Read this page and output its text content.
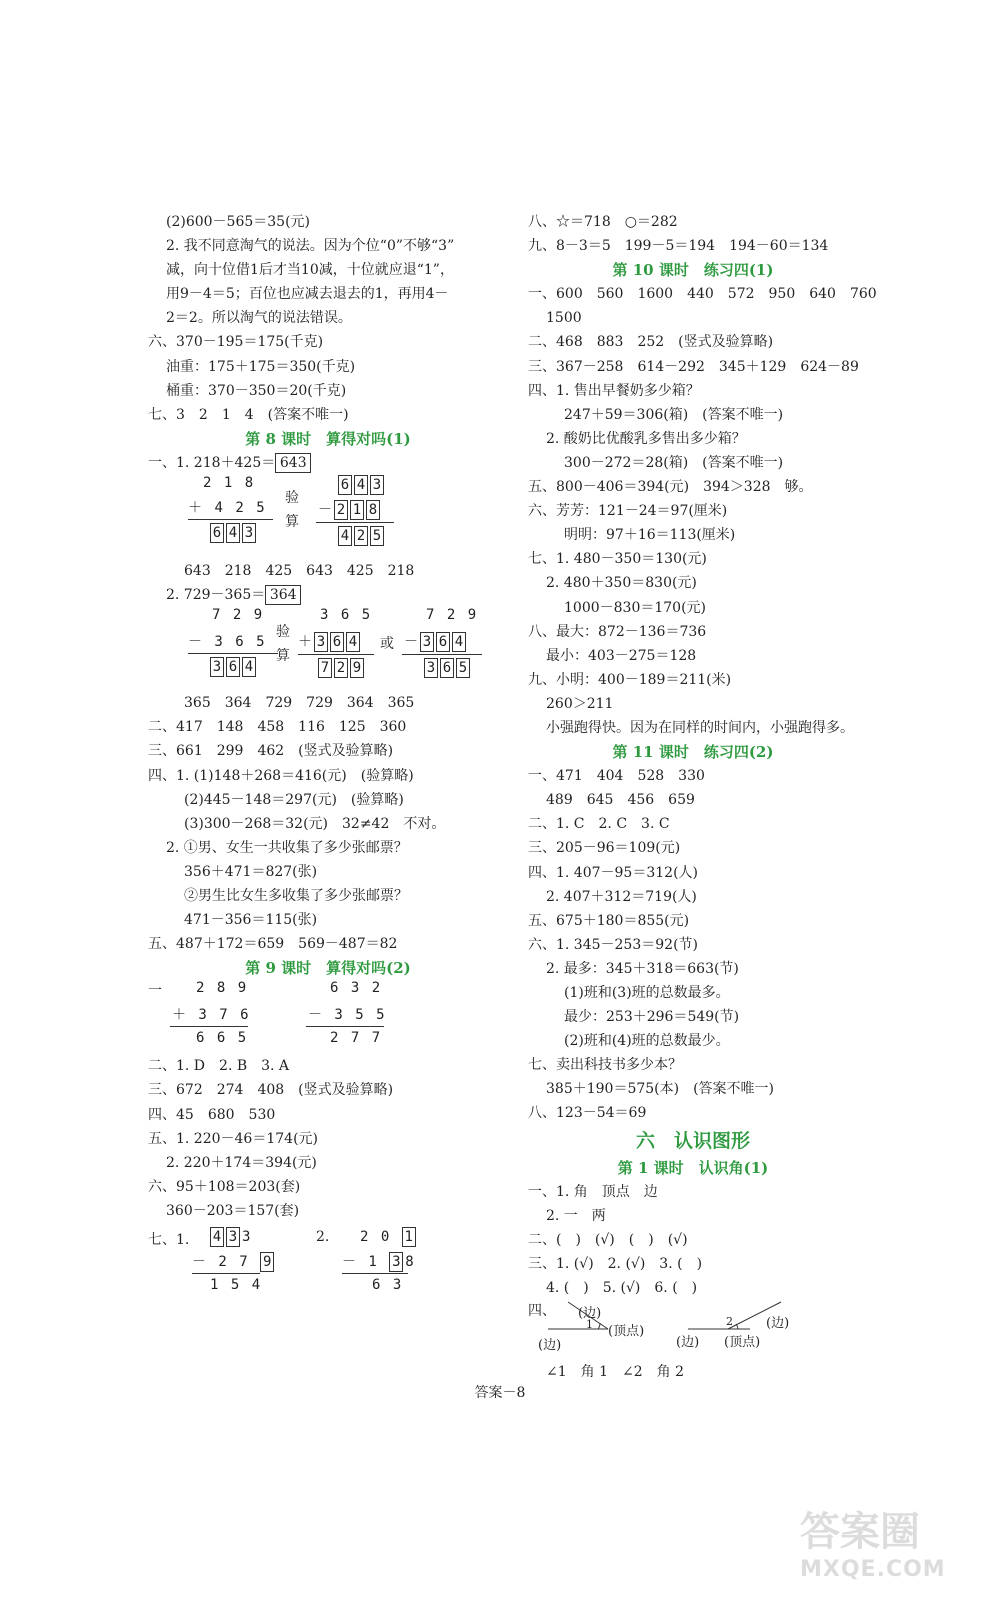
(2)600－565＝35(元)
2. 我不同意淘气的说法。因为个位“0”不够“3”
减，向十位借1后才当10减，十位就应退“1”，
用9－4＝5；百位也应减去退去的1，再用4－
2＝2。所以淘气的说法错误。
六、370－195＝175(千克)
油重：175＋175＝350(千克)
桶重：370－350＝20(千克)
七、3　2　1　4　(答案不唯一)
第 8 课时　算得对吗(1)
一、1. 218＋425＝ 643
2 1 8
＋ 4 2 5
6 4 3
验
算
6 4 3
－ 2 1 8
4 2 5
643　218　425　643　425　218
2. 729－365＝ 364
7 2 9
－ 3 6 5
3 6 4
验
算
3 6 5
＋ 3 6 4
7 2 9
或
7 2 9
－ 3 6 4
3 6 5
365　364　729　729　364　365
二、417　148　458　116　125　360
三、661　299　462　(竖式及验算略)
四、1. (1)148＋268＝416(元)　(验算略)
(2)445－148＝297(元)　(验算略)
(3)300－268＝32(元)　32≠42　不对。
2. ①男、女生一共收集了多少张邮票？
356＋471＝827(张)
②男生比女生多收集了多少张邮票？
471－356＝115(张)
五、487＋172＝659　569－487＝82
第 9 课时　算得对吗(2)
一 2 8 9
＋ 3 7 6
6 6 5
6 3 2
－ 3 5 5
2 7 7
二、1. D　2. B　3. A
三、672　274　408　(竖式及验算略)
四、45　680　530
五、1. 220－46＝174(元)
2. 220＋174＝394(元)
六、95＋108＝203(套)
360－203＝157(套)
七、1. 4 3 3
－ 2 7 9
1 5 4
2. 2 0 1
－ 1 3 8
6 3
八、☆＝718　○＝282
九、8－3＝5　199－5＝194　194－60＝134
第 10 课时　练习四(1)
一、600　560　1600　440　572　950　640　760
1500
二、468　883　252　(竖式及验算略)
三、367－258　614－292　345＋129　624－89
四、1. 售出早餐奶多少箱？
247＋59＝306(箱)　(答案不唯一)
2. 酸奶比优酸乳多售出多少箱？
300－272＝28(箱)　(答案不唯一)
五、800－406＝394(元)　394＞328　够。
六、芳芳：121－24＝97(厘米)
明明：97＋16＝113(厘米)
七、1. 480－350＝130(元)
2. 480＋350＝830(元)
1000－830＝170(元)
八、最大：872－136＝736
最小：403－275＝128
九、小明：400－189＝211(米)
260＞211
小强跑得快。因为在同样的时间内，小强跑得多。
第 11 课时　练习四(2)
一、471　404　528　330
489　645　456　659
二、1. C　2. C　3. C
三、205－96＝109(元)
四、1. 407－95＝312(人)
2. 407＋312＝719(人)
五、675＋180＝855(元)
六、1. 345－253＝92(节)
2. 最多：345＋318＝663(节)
(1)班和(3)班的总数最多。
最少：253＋296＝549(节)
(2)班和(4)班的总数最少。
七、卖出科技书多少本？
385＋190＝575(本)　(答案不唯一)
八、123－54＝69
六　认识图形
第 1 课时　认识角(1)
一、1. 角　顶点　边
2. 一　两
二、(　)　(√)　(　)　(√)
三、1. (√)　2. (√)　3. (　)
4. (　)　5. (√)　6. (　)
四、 (边)
1 (顶点)
(边)
2	(边)
(边) (顶点)
∠1　角 1　∠2　角 2
答案－8
答案圈
MXQE.COM
